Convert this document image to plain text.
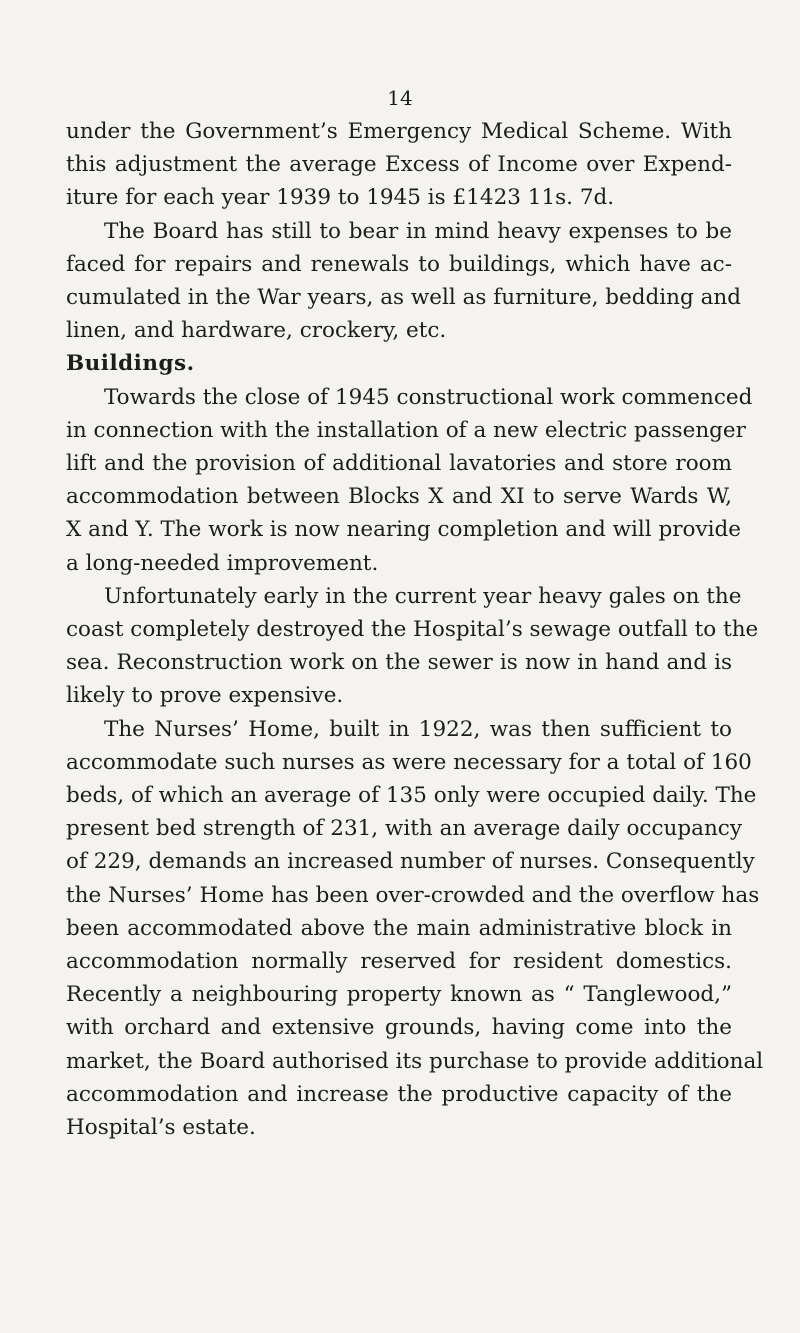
14
under the Government’s Emergency Medical Scheme. With
this adjustment the average Excess of Income over Expend-
iture for each year 1939 to 1945 is £1423 11s. 7d.
The Board has still to bear in mind heavy expenses to be
faced for repairs and renewals to buildings, which have ac-
cumulated in the War years, as well as furniture, bedding and
linen, and hardware, crockery, etc.
Buildings.
Towards the close of 1945 constructional work commenced
in connection with the installation of a new electric passenger
lift and the provision of additional lavatories and store room
accommodation between Blocks X and XI to serve Wards W,
X and Y. The work is now nearing completion and will provide
a long-needed improvement.
Unfortunately early in the current year heavy gales on the
coast completely destroyed the Hospital’s sewage outfall to the
sea. Reconstruction work on the sewer is now in hand and is
likely to prove expensive.
The Nurses’ Home, built in 1922, was then sufficient to
accommodate such nurses as were necessary for a total of 160
beds, of which an average of 135 only were occupied daily. The
present bed strength of 231, with an average daily occupancy
of 229, demands an increased number of nurses. Consequently
the Nurses’ Home has been over-crowded and the overflow has
been accommodated above the main administrative block in
accommodation normally reserved for resident domestics.
Recently a neighbouring property known as “ Tanglewood,”
with orchard and extensive grounds, having come into the
market, the Board authorised its purchase to provide additional
accommodation and increase the productive capacity of the
Hospital’s estate.
